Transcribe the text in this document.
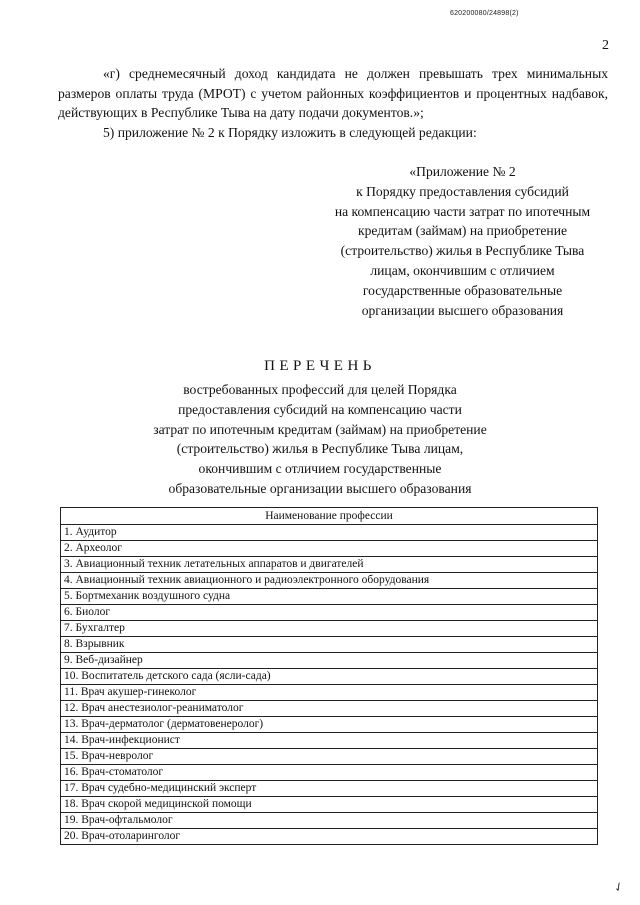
620200080/24898(2)
2

«г) среднемесячный доход кандидата не должен превышать трех минимальных размеров оплаты труда (МРОТ) с учетом районных коэффициентов и процентных надбавок, действующих в Республике Тыва на дату подачи документов.»;

5) приложение № 2 к Порядку изложить в следующей редакции:

«Приложение № 2
к Порядку предоставления субсидий
на компенсацию части затрат по ипотечным
кредитам (займам) на приобретение
(строительство) жилья в Республике Тыва
лицам, окончившим с отличием
государственные образовательные
организации высшего образования
ПЕРЕЧЕНЬ
востребованных профессий для целей Порядка
предоставления субсидий на компенсацию части
затрат по ипотечным кредитам (займам) на приобретение
(строительство) жилья в Республике Тыва лицам,
окончившим с отличием государственные
образовательные организации высшего образования
Наименование профессии
1. Аудитор
2. Археолог
3. Авиационный техник летательных аппаратов и двигателей
4. Авиационный техник авиационного и радиоэлектронного оборудования
5. Бортмеханик воздушного судна
6. Биолог
7. Бухгалтер
8. Взрывник
9. Веб-дизайнер
10. Воспитатель детского сада (ясли-сада)
11. Врач акушер-гинеколог
12. Врач анестезиолог-реаниматолог
13. Врач-дерматолог (дерматовенеролог)
14. Врач-инфекционист
15. Врач-невролог
16. Врач-стоматолог
17. Врач судебно-медицинский эксперт
18. Врач скорой медицинской помощи
19. Врач-офтальмолог
20. Врач-отоларинголог
✓
